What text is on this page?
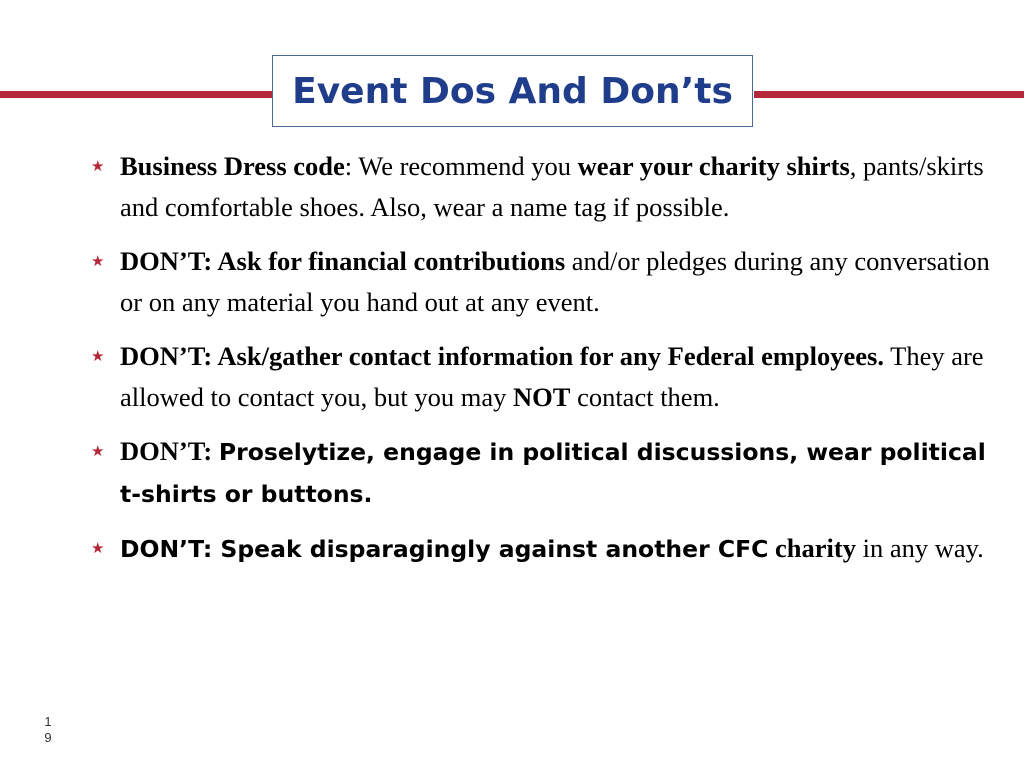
Event Dos And Don’ts

★ Business Dress code: We recommend you wear your charity shirts, pants/skirts and comfortable shoes. Also, wear a name tag if possible.

★ DON’T: Ask for financial contributions and/or pledges during any conversation or on any material you hand out at any event.

★ DON’T: Ask/gather contact information for any Federal employees. They are allowed to contact you, but you may NOT contact them.

★ DON’T: Proselytize, engage in political discussions, wear political t-shirts or buttons.

★ DON’T: Speak disparagingly against another CFC charity in any way.

1
9
